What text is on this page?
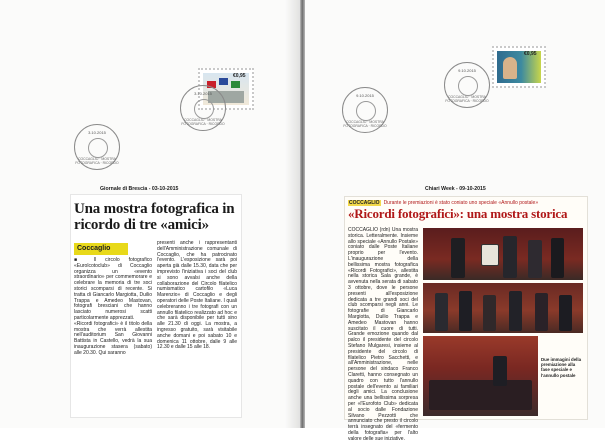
€0,95
3.10.2015
COCCAGLIO · MOSTRA FOTOGRAFICA · RICORDO
3.10.2015
COCCAGLIO · MOSTRA FOTOGRAFICA · RICORDO
Giornale di Brescia - 03-10-2015
Una mostra fotografica in ricordo di tre «amici»
Coccaglio
■ Il circolo fotografico «Eurolcotoclub» di Coccaglio organizza un «evento straordinario» per commemorare e celebrare la memoria di tre soci storici scomparsi di recente. Si tratta di Giancarlo Margiotta, Duilio Trappa e Amedeo Mastovan, fotografi bresciani che hanno lasciato numerosi scatti particolarmente apprezzati.
«Ricordi fotografici» è il titolo della mostra che verrà allestita nell'auditorium San Giovanni Battista in Castello, vedrà la sua inaugurazione stasera (sabato) alle 20.30. Qui saranno
presenti anche i rappresentanti dell'Amministrazione comunale di Coccaglio, che ha patrocinato l'evento. L'esposizione sarà poi aperta già dalle 15.30, data che per imprevisto l'iniziativa i soci del club si sono avvalsi anche della collaborazione del Circolo filatelico numismatico cartofilo «Luca Marenzio» di Coccaglio e degli operatori delle Poste Italiane. I quali celebreranno i tre fotografi con un annullo filatelico realizzato ad hoc e che sarà disponibile per tutti sino alle 21.30 di oggi. La mostra, a ingresso gratuito, sarà visitabile anche domani e poi sabato 10 e domenica 11 ottobre, dalle 9 alle 12.30 e dalle 15 alle 18.
€0,95
9.10.2015
COCCAGLIO · MOSTRA FOTOGRAFICA · RICORDO
9.10.2015
COCCAGLIO · MOSTRA FOTOGRAFICA · RICORDO
Chiari Week - 09-10-2015
COCCAGLIO Durante le premiazioni è stato coniato uno speciale «Annullo postale»
«Ricordi fotografici»: una mostra storica
COCCAGLIO (rdn) Una mostra storica. Letteralmente. Insieme allo speciale «Annullo Postale» coniato dalle Poste Italiane proprio per l'evento. L'inaugurazione della bellissima mostra fotografica «Ricordi Fotografici», allestita nella storica Sala grande, è avvenuta nella serata di sabato 3 ottobre, dove le persone presenti all'esposizione dedicata a tre grandi soci del club scomparsi negli anni. Le fotografie di Giancarlo Margiotta, Duilio Trappa e Amedeo Mastovan hanno suscitato il cuore di tutti. Grande emozione quando dal palco il presidente del circolo Stefano Mulgaresi, insieme al presidente del circolo di filatelico Pietro Sacchetti, e all'Amministrazione, nelle persone del sindaco Franco Claretti, hanno consegnato un quadro con tutto l'annullo postale dell'evento ai familiari degli amici. La conclusione anche una bellissima sorpresa per «l'Eurofoto Club» dedicata al socio dalle Fondazione Silvano Pezzotti che annunciato che presto il circolo terrà insegnato del «fermento della fotografia» per l'alto valore delle sue iniziative.
Due immagini della premiazione alla fase speciale e l'annullo postale
